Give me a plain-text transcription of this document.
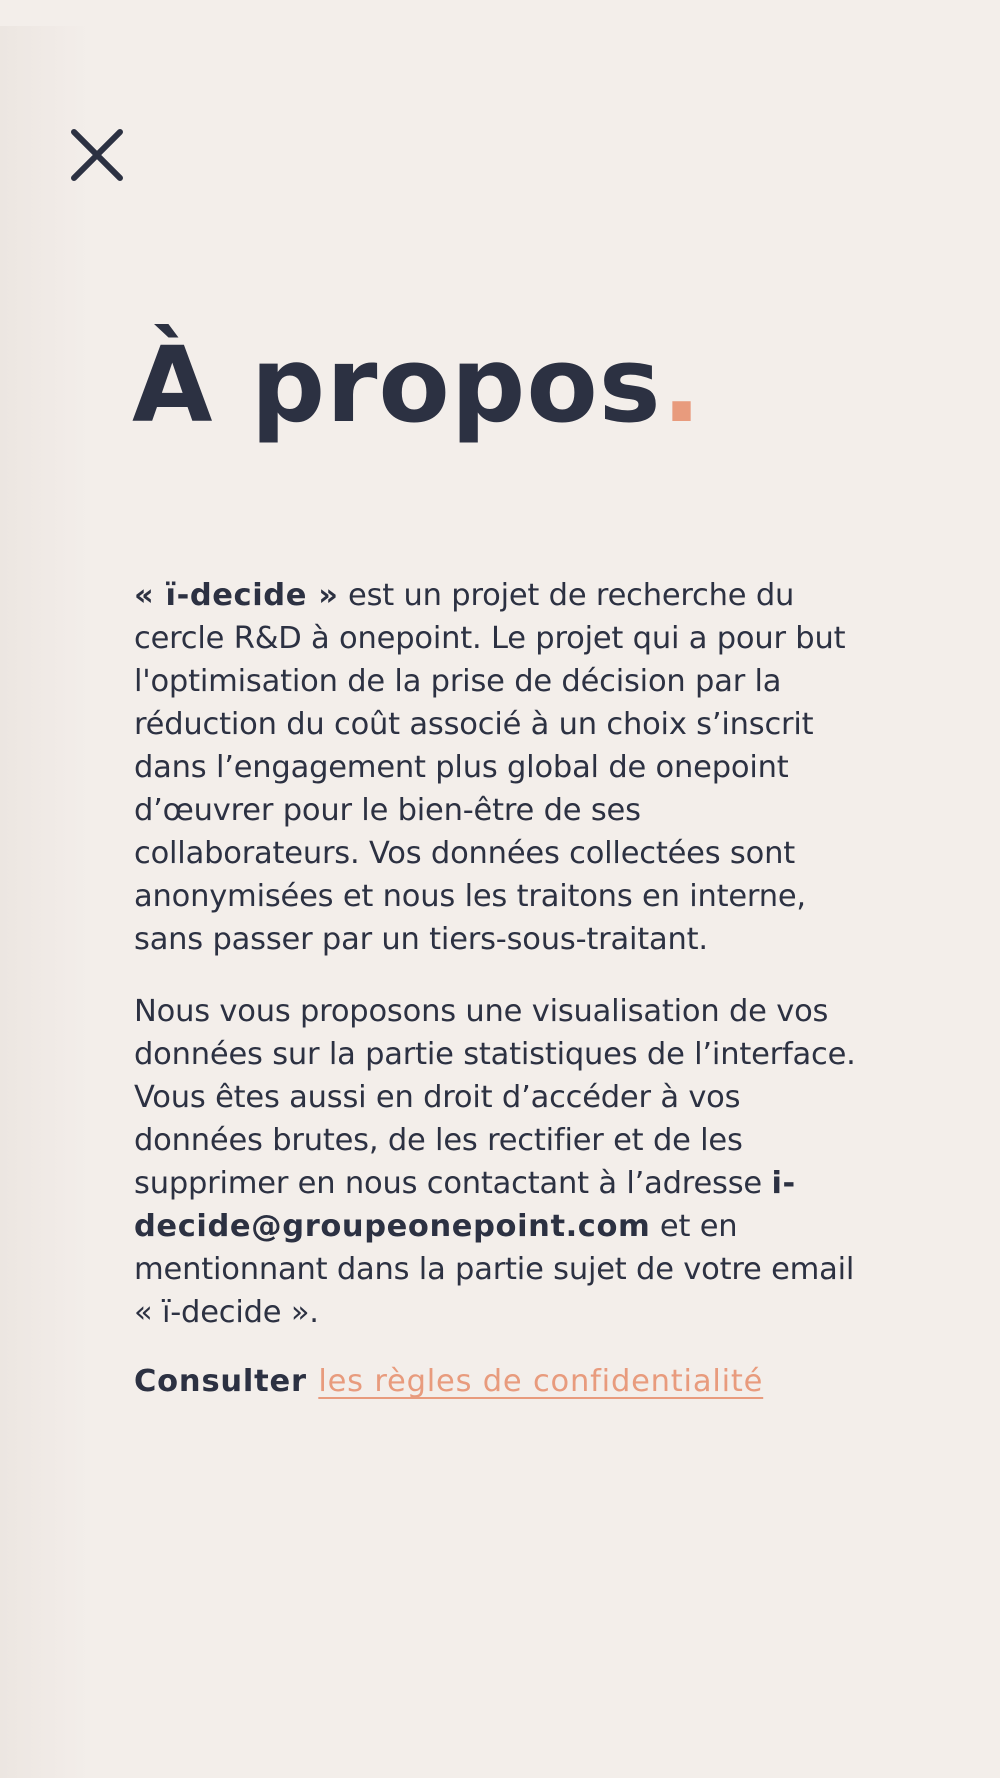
À propos.

« ï-decide » est un projet de recherche du cercle R&D à onepoint. Le projet qui a pour but l'optimisation de la prise de décision par la réduction du coût associé à un choix s’inscrit dans l’engagement plus global de onepoint d’œuvrer pour le bien-être de ses collaborateurs. Vos données collectées sont anonymisées et nous les traitons en interne, sans passer par un tiers-sous-traitant.

Nous vous proposons une visualisation de vos données sur la partie statistiques de l’interface. Vous êtes aussi en droit d’accéder à vos données brutes, de les rectifier et de les supprimer en nous contactant à l’adresse i-decide@groupeonepoint.com et en mentionnant dans la partie sujet de votre email « ï-decide ».

Consulter les règles de confidentialité
